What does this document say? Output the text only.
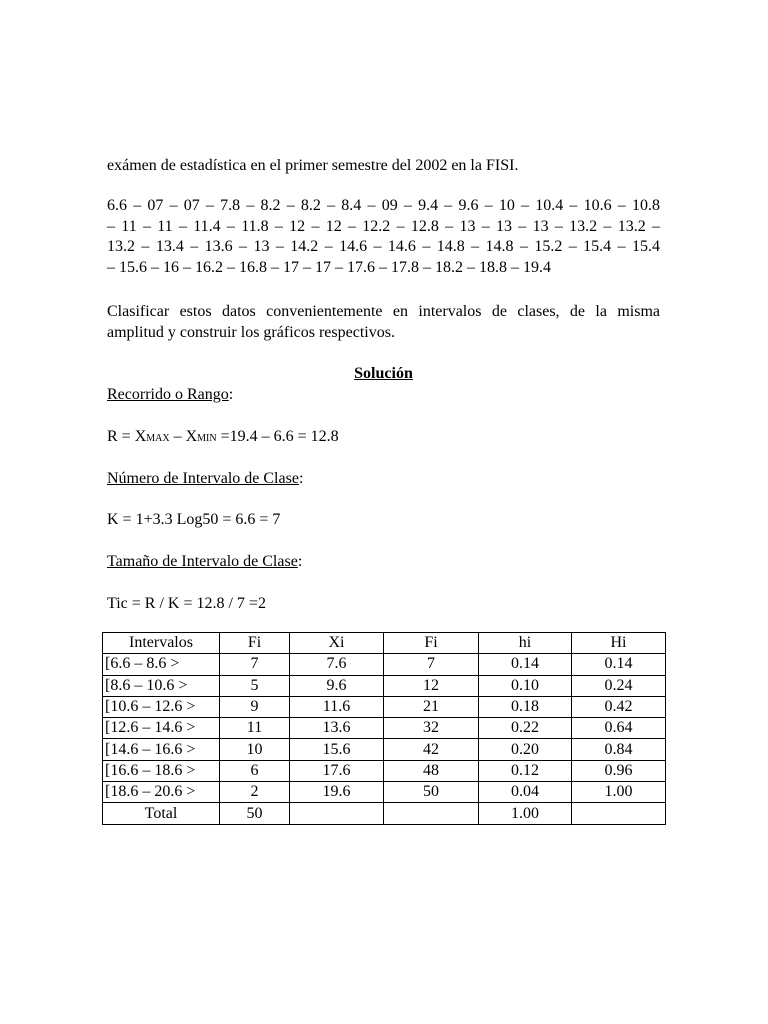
exámen de estadística en el primer semestre del 2002 en la FISI.
6.6 – 07 – 07 – 7.8 – 8.2 – 8.2 – 8.4 – 09 – 9.4 – 9.6 – 10 – 10.4 – 10.6 – 10.8
– 11 – 11 – 11.4 – 11.8 – 12 – 12 – 12.2 – 12.8 – 13 – 13 – 13 – 13.2 – 13.2 –
13.2 – 13.4 – 13.6 – 13 – 14.2 – 14.6 – 14.6 – 14.8 – 14.8 – 15.2 – 15.4 – 15.4
– 15.6 – 16 – 16.2 – 16.8 – 17 – 17 – 17.6 – 17.8 – 18.2 – 18.8 – 19.4
Clasificar estos datos convenientemente en intervalos de clases, de la misma
amplitud y construir los gráficos respectivos.
Solución
Recorrido o Rango:
R = XMAX – XMIN =19.4 – 6.6 = 12.8
Número de Intervalo de Clase:
K = 1+3.3 Log50 = 6.6 = 7
Tamaño de Intervalo de Clase:
Tic = R / K = 12.8 / 7 =2
Intervalos	Fi	Xi	Fi	hi	Hi
[6.6 – 8.6 >	7	7.6	7	0.14	0.14
[8.6 – 10.6 >	5	9.6	12	0.10	0.24
[10.6 – 12.6 >	9	11.6	21	0.18	0.42
[12.6 – 14.6 >	11	13.6	32	0.22	0.64
[14.6 – 16.6 >	10	15.6	42	0.20	0.84
[16.6 – 18.6 >	6	17.6	48	0.12	0.96
[18.6 – 20.6 >	2	19.6	50	0.04	1.00
Total	50			1.00	
